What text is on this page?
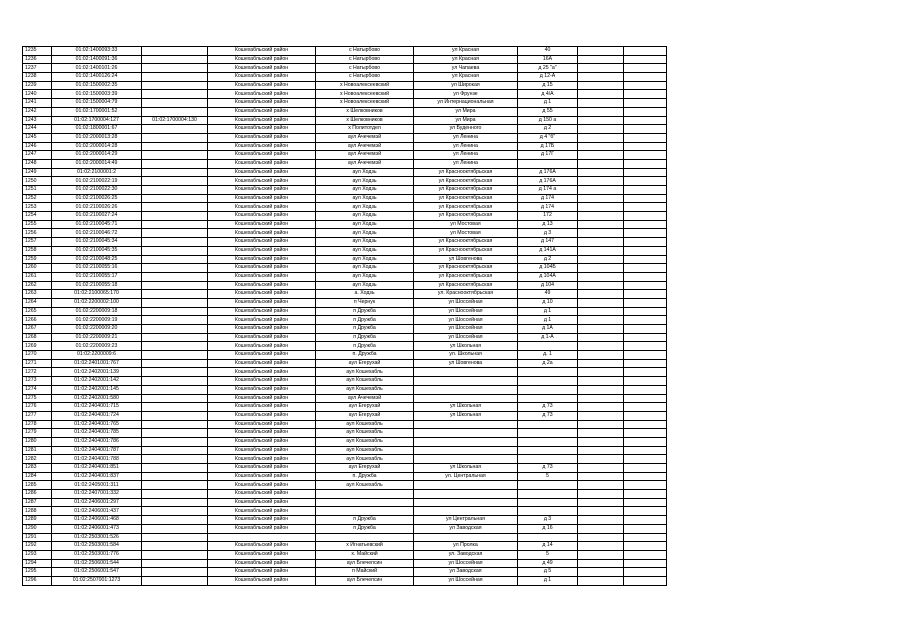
1235	01:02:1400093:33		Кошехабльский район	с Натырбово	ул Красная	40		
1236	01:02:1400091:36		Кошехабльский район	с Натырбово	ул Красная	16А		
1237	01:02:1400101:26		Кошехабльский район	с Натырбово	ул Чапаева	д 25 "а"		
1238	01:02:1400126:24		Кошехабльский район	с Натырбово	ул Красная	д 12-А		
1239	01:02:1500002:35		Кошехабльский район	х Новоалексеевский	ул Широкая	д 15		
1240	01:02:1500003:39		Кошехабльский район	х Новоалексеевский	ул Фрунзе	д 4/А		
1241	01:02:1500004:79		Кошехабльский район	х Новоалексеевский	ул Интернациональная	д 1		
1242	01:02:1700001:52		Кошехабльский район	х Шелковников	ул Мира	д 55		
1243	01:02:1700004:127	01:02:1700004:130	Кошехабльский район	х Шелковников	ул Мира	д 150 а		
1244	01:02:1800001:67		Кошехабльский район	х Политотдел	ул Буденного	д 2		
1245	01:02:2000013:28		Кошехабльский район	аул Ачечемэй	ул Ленина	д 4 "б"		
1246	01:02:2000014:28		Кошехабльский район	аул Ачечемэй	ул Ленина	д 17Б		
1247	01:02:2000014:29		Кошехабльский район	аул Ачечемэй	ул Ленина	д 17Г		
1248	01:02:2000014:49		Кошехабльский район	аул Ачечемэй	ул Ленина			
1249	01:02:2100001:2		Кошехабльский район	аул Ходзь	ул Краснооктябрьская	д 176А		
1250	01:02:2100022:19		Кошехабльский район	аул Ходзь	ул Краснооктябрьская	д 176А		
1251	01:02:2100022:30		Кошехабльский район	аул Ходзь	ул Краснооктябрьская	д 174 а		
1252	01:02:2100026:25		Кошехабльский район	аул Ходзь	ул Краснооктябрьская	д 174		
1253	01:02:2100026:26		Кошехабльский район	аул Ходзь	ул Краснооктябрьская	д 174		
1254	01:02:2100027:24		Кошехабльский район	аул Ходзь	ул Краснооктябрьская	172		
1255	01:02:2100045:71		Кошехабльский район	аул Ходзь	ул Мостовая	д 13		
1256	01:02:2100046:72		Кошехабльский район	аул Ходзь	ул Мостовая	д 3		
1257	01:02:2100045:34		Кошехабльский район	аул Ходзь	ул Краснооктябрьская	д 147		
1258	01:02:2100045:35		Кошехабльский район	аул Ходзь	ул Краснооктябрьская	д 141А		
1259	01:02:2100048:25		Кошехабльский район	аул Ходзь	ул Шовгенова	д 2		
1260	01:02:2100055:16		Кошехабльский район	аул Ходзь	ул Краснооктябрьская	д 104Б		
1261	01:02:2100055:17		Кошехабльский район	аул Ходзь	ул Краснооктябрьская	д 104А		
1262	01:02:2100055:18		Кошехабльский район	аул Ходзь	ул Краснооктябрьская	д 104		
1263	01:02:2100065:170		Кошехабльский район	а. Ходзь	ул. Краснооктябрьская	49		
1264	01:02:2200002:100		Кошехабльский район	п Чернук	ул Шоссейная	д 10		
1265	01:02:2200009:18		Кошехабльский район	п Дружба	ул Шоссейная	д 1		
1266	01:02:2200009:19		Кошехабльский район	п Дружба	ул Шоссейная	д 1		
1267	01:02:2200009:20		Кошехабльский район	п Дружба	ул Шоссейная	д 1А		
1268	01:02:2200009:21		Кошехабльский район	п Дружба	ул Шоссейная	д 1-А		
1269	01:02:2200009:23		Кошехабльский район	п Дружба	ул Школьная			
1270	01:02:2200009:6		Кошехабльский район	п. Дружба	ул. Школьная	д. 1		
1271	01:02:2401001:767		Кошехабльский район	аул Егерухай	ул Шовгенова	д 2а		
1272	01:02:2402001:139		Кошехабльский район	аул Кошехабль				
1273	01:02:2402001:142		Кошехабльский район	аул Кошехабль				
1274	01:02:2402001:145		Кошехабльский район	аул Кошехабль				
1275	01:02:2402001:580		Кошехабльский район	аул Ачечемэй				
1276	01:02:2404001:715		Кошехабльский район	аул Егерухай	ул Школьная	д 73		
1277	01:02:2404001:724		Кошехабльский район	аул Егерухай	ул Школьная	д 73		
1278	01:02:2404001:765		Кошехабльский район	аул Кошехабль				
1279	01:02:2404001:785		Кошехабльский район	аул Кошехабль				
1280	01:02:2404001:786		Кошехабльский район	аул Кошехабль				
1281	01:02:2404001:787		Кошехабльский район	аул Кошехабль				
1282	01:02:2404001:788		Кошехабльский район	аул Кошехабль				
1283	01:02:2404001:851		Кошехабльский район	аул Егерухай	ул Школьная	д 73		
1284	01:02:2404001:837		Кошехабльский район	п. Дружба	ул. Центральная	5		
1285	01:02:2405001:311		Кошехабльский район	аул Кошехабль				
1286	01:02:2407001:332		Кошехабльский район					
1287	01:02:2406001:297		Кошехабльский район					
1288	01:02:2406001:437		Кошехабльский район					
1289	01:02:2406001:468		Кошехабльский район	п Дружба	ул Центральная	д 3		
1290	01:02:2406001:473		Кошехабльский район	п Дружба	ул Заводская	д 16		
1291	01:02:2503001:526							
1292	01:02:2503001:584		Кошехабльский район	х Игнатьевский	ул Пролка	д 14		
1293	01:02:2503001:776		Кошехабльский район	х. Майский	ул. Заводская	5		
1294	01:02:2506001:544		Кошехабльский район	аул Блечепсин	ул Шоссейная	д 49		
1295	01:02:2506001:547		Кошехабльский район	п Майский	ул Заводская	д 5		
1296	01:02:2507001:1273		Кошехабльский район	аул Блечепсин	ул Шоссейная	д 1		
